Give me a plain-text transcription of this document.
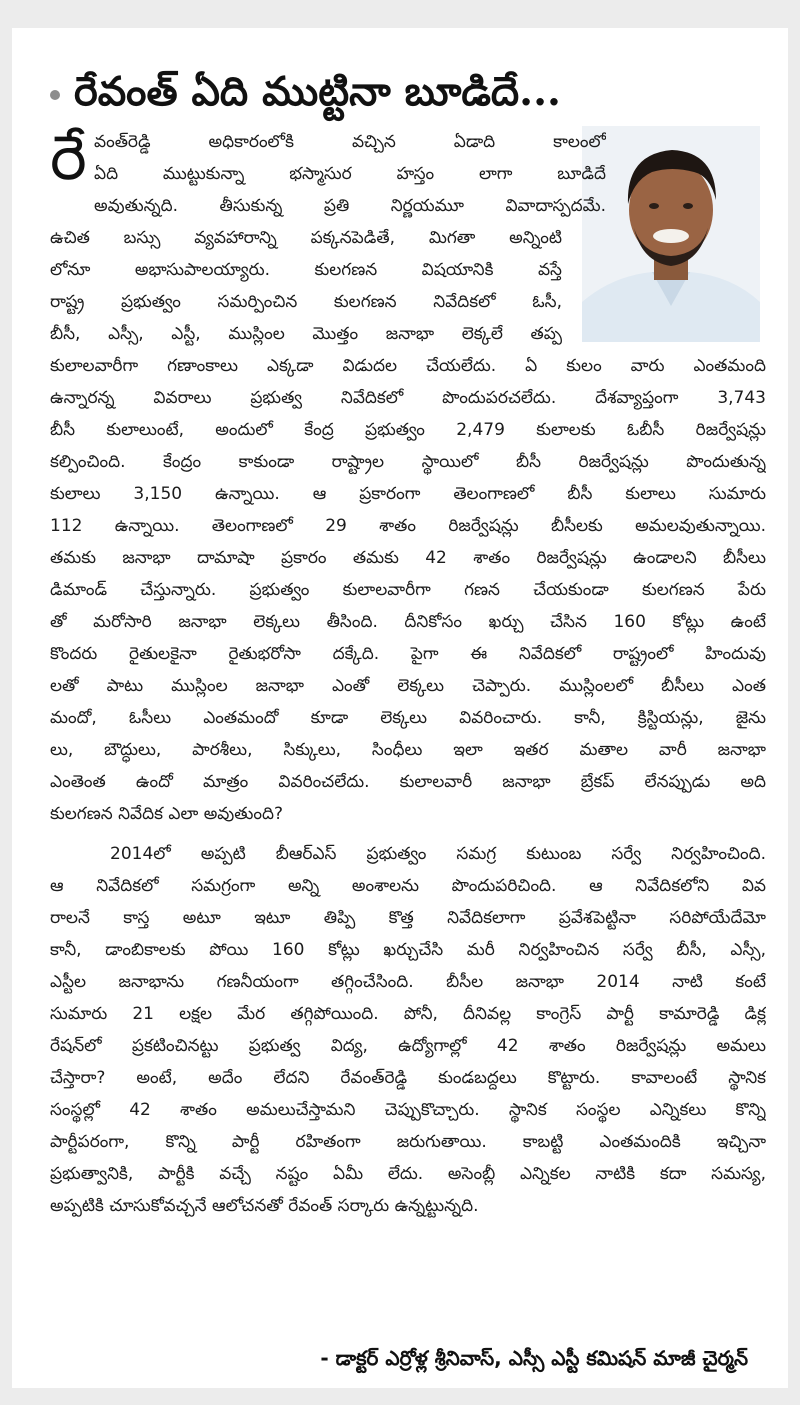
రేవంత్ ఏది ముట్టినా బూడిదే...
రే వంత్‌రెడ్డి అధికారంలోకి వచ్చిన ఏడాది కాలంలో
ఏది ముట్టుకున్నా భస్మాసుర హస్తం లాగా బూడిదే
అవుతున్నది. తీసుకున్న ప్రతి నిర్ణయమూ వివాదాస్పదమే.
ఉచిత బస్సు వ్యవహారాన్ని పక్కనపెడితే, మిగతా అన్నింటి
లోనూ అభాసుపాలయ్యారు. కులగణన విషయానికి వస్తే
రాష్ట్ర ప్రభుత్వం సమర్పించిన కులగణన నివేదికలో ఓసీ,
బీసీ, ఎస్సీ, ఎస్టీ, ముస్లింల మొత్తం జనాభా లెక్కలే తప్ప
కులాలవారీగా గణాంకాలు ఎక్కడా విడుదల చేయలేదు. ఏ కులం వారు ఎంతమంది
ఉన్నారన్న వివరాలు ప్రభుత్వ నివేదికలో పొందుపరచలేదు. దేశవ్యాప్తంగా 3,743
బీసీ కులాలుంటే, అందులో కేంద్ర ప్రభుత్వం 2,479 కులాలకు ఓబీసీ రిజర్వేషన్లు
కల్పించింది. కేంద్రం కాకుండా రాష్ట్రాల స్థాయిలో బీసీ రిజర్వేషన్లు పొందుతున్న
కులాలు 3,150 ఉన్నాయి. ఆ ప్రకారంగా తెలంగాణలో బీసీ కులాలు సుమారు
112 ఉన్నాయి. తెలంగాణలో 29 శాతం రిజర్వేషన్లు బీసీలకు అమలవుతున్నాయి.
తమకు జనాభా దామాషా ప్రకారం తమకు 42 శాతం రిజర్వేషన్లు ఉండాలని బీసీలు
డిమాండ్ చేస్తున్నారు. ప్రభుత్వం కులాలవారీగా గణన చేయకుండా కులగణన పేరు
తో మరోసారి జనాభా లెక్కలు తీసింది. దీనికోసం ఖర్చు చేసిన 160 కోట్లు ఉంటే
కొందరు రైతులకైనా రైతుభరోసా దక్కేది. పైగా ఈ నివేదికలో రాష్ట్రంలో హిందువు
లతో పాటు ముస్లింల జనాభా ఎంతో లెక్కలు చెప్పారు. ముస్లింలలో బీసీలు ఎంత
మందో, ఓసీలు ఎంతమందో కూడా లెక్కలు వివరించారు. కానీ, క్రిస్టియన్లు, జైను
లు, బౌద్ధులు, పారశీలు, సిక్కులు, సింధీలు ఇలా ఇతర మతాల వారీ జనాభా
ఎంతెంత ఉందో మాత్రం వివరించలేదు. కులాలవారీ జనాభా బ్రేకప్ లేనప్పుడు అది
కులగణన నివేదిక ఎలా అవుతుంది?
2014లో అప్పటి బీఆర్ఎస్ ప్రభుత్వం సమగ్ర కుటుంబ సర్వే నిర్వహించింది.
ఆ నివేదికలో సమగ్రంగా అన్ని అంశాలను పొందుపరిచింది. ఆ నివేదికలోని వివ
రాలనే కాస్త అటూ ఇటూ తిప్పి కొత్త నివేదికలాగా ప్రవేశపెట్టినా సరిపోయేదేమో
కానీ, డాంబికాలకు పోయి 160 కోట్లు ఖర్చుచేసి మరీ నిర్వహించిన సర్వే బీసీ, ఎస్సీ,
ఎస్టీల జనాభాను గణనీయంగా తగ్గించేసింది. బీసీల జనాభా 2014 నాటి కంటే
సుమారు 21 లక్షల మేర తగ్గిపోయింది. పోనీ, దీనివల్ల కాంగ్రెస్ పార్టీ కామారెడ్డి డిక్ల
రేషన్‌లో ప్రకటించినట్టు ప్రభుత్వ విద్య, ఉద్యోగాల్లో 42 శాతం రిజర్వేషన్లు అమలు
చేస్తారా? అంటే, అదేం లేదని రేవంత్‌రెడ్డి కుండబద్దలు కొట్టారు. కావాలంటే స్థానిక
సంస్థల్లో 42 శాతం అమలుచేస్తామని చెప్పుకొచ్చారు. స్థానిక సంస్థల ఎన్నికలు కొన్ని
పార్టీపరంగా, కొన్ని పార్టీ రహితంగా జరుగుతాయి. కాబట్టి ఎంతమందికి ఇచ్చినా
ప్రభుత్వానికి, పార్టీకి వచ్చే నష్టం ఏమీ లేదు. అసెంబ్లీ ఎన్నికల నాటికి కదా సమస్య,
అప్పటికి చూసుకోవచ్చనే ఆలోచనతో రేవంత్ సర్కారు ఉన్నట్టున్నది.
- డాక్టర్ ఎర్రోళ్ల శ్రీనివాస్, ఎస్సీ ఎస్టీ కమిషన్ మాజీ చైర్మన్
